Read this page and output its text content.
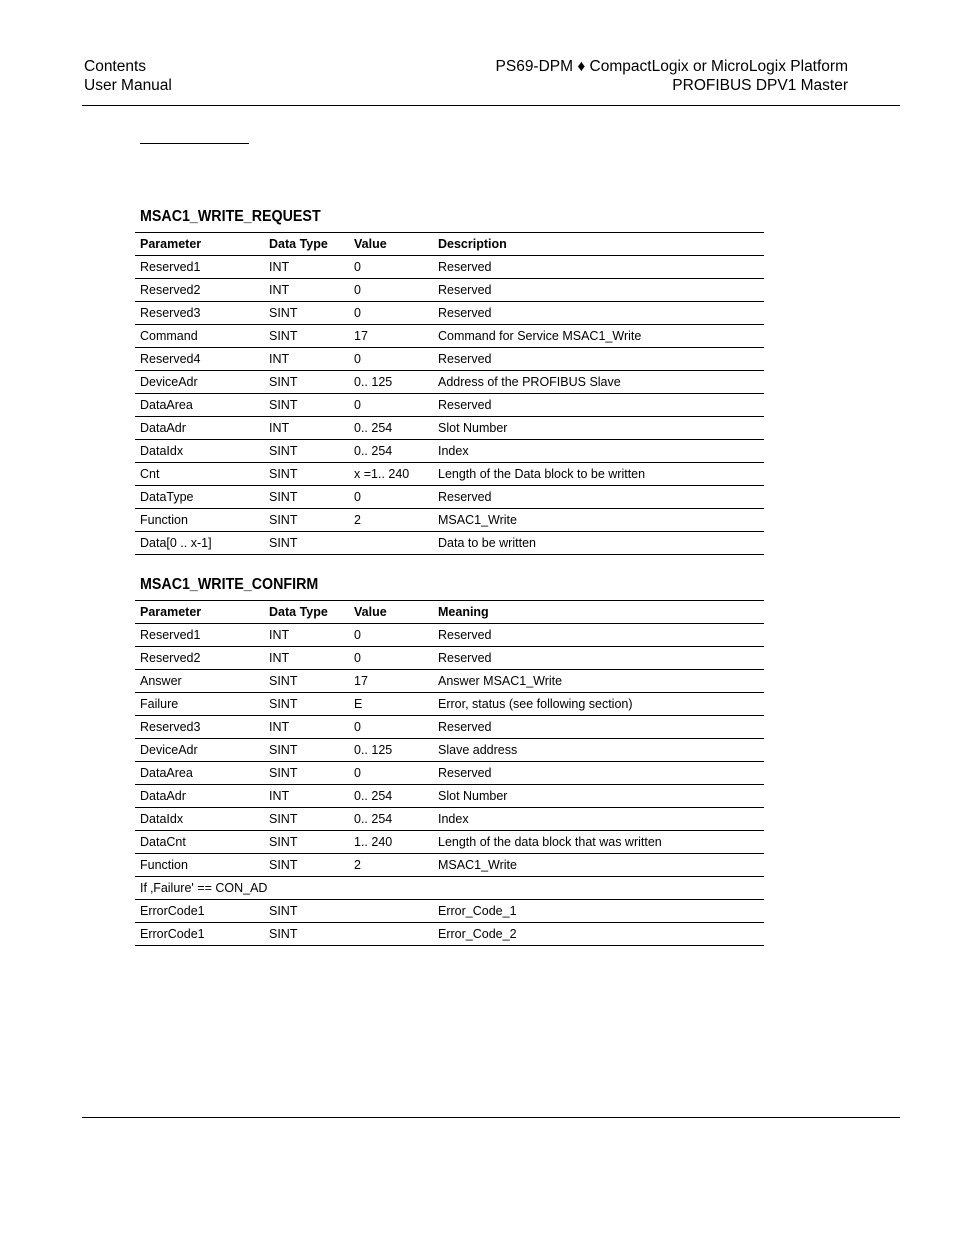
Contents
User Manual
PS69-DPM ♦ CompactLogix or MicroLogix Platform
PROFIBUS DPV1 Master
MSAC1_WRITE_REQUEST
Parameter	Data Type	Value	Description
Reserved1	INT	0	Reserved
Reserved2	INT	0	Reserved
Reserved3	SINT	0	Reserved
Command	SINT	17	Command for Service MSAC1_Write
Reserved4	INT	0	Reserved
DeviceAdr	SINT	0.. 125	Address of the PROFIBUS Slave
DataArea	SINT	0	Reserved
DataAdr	INT	0.. 254	Slot Number
DataIdx	SINT	0.. 254	Index
Cnt	SINT	x =1.. 240	Length of the Data block to be written
DataType	SINT	0	Reserved
Function	SINT	2	MSAC1_Write
Data[0 .. x-1]	SINT		Data to be written
MSAC1_WRITE_CONFIRM
Parameter	Data Type	Value	Meaning
Reserved1	INT	0	Reserved
Reserved2	INT	0	Reserved
Answer	SINT	17	Answer MSAC1_Write
Failure	SINT	E	Error, status (see following section)
Reserved3	INT	0	Reserved
DeviceAdr	SINT	0.. 125	Slave address
DataArea	SINT	0	Reserved
DataAdr	INT	0.. 254	Slot Number
DataIdx	SINT	0.. 254	Index
DataCnt	SINT	1.. 240	Length of the data block that was written
Function	SINT	2	MSAC1_Write
If ‚Failure' == CON_AD			
ErrorCode1	SINT		Error_Code_1
ErrorCode1	SINT		Error_Code_2
